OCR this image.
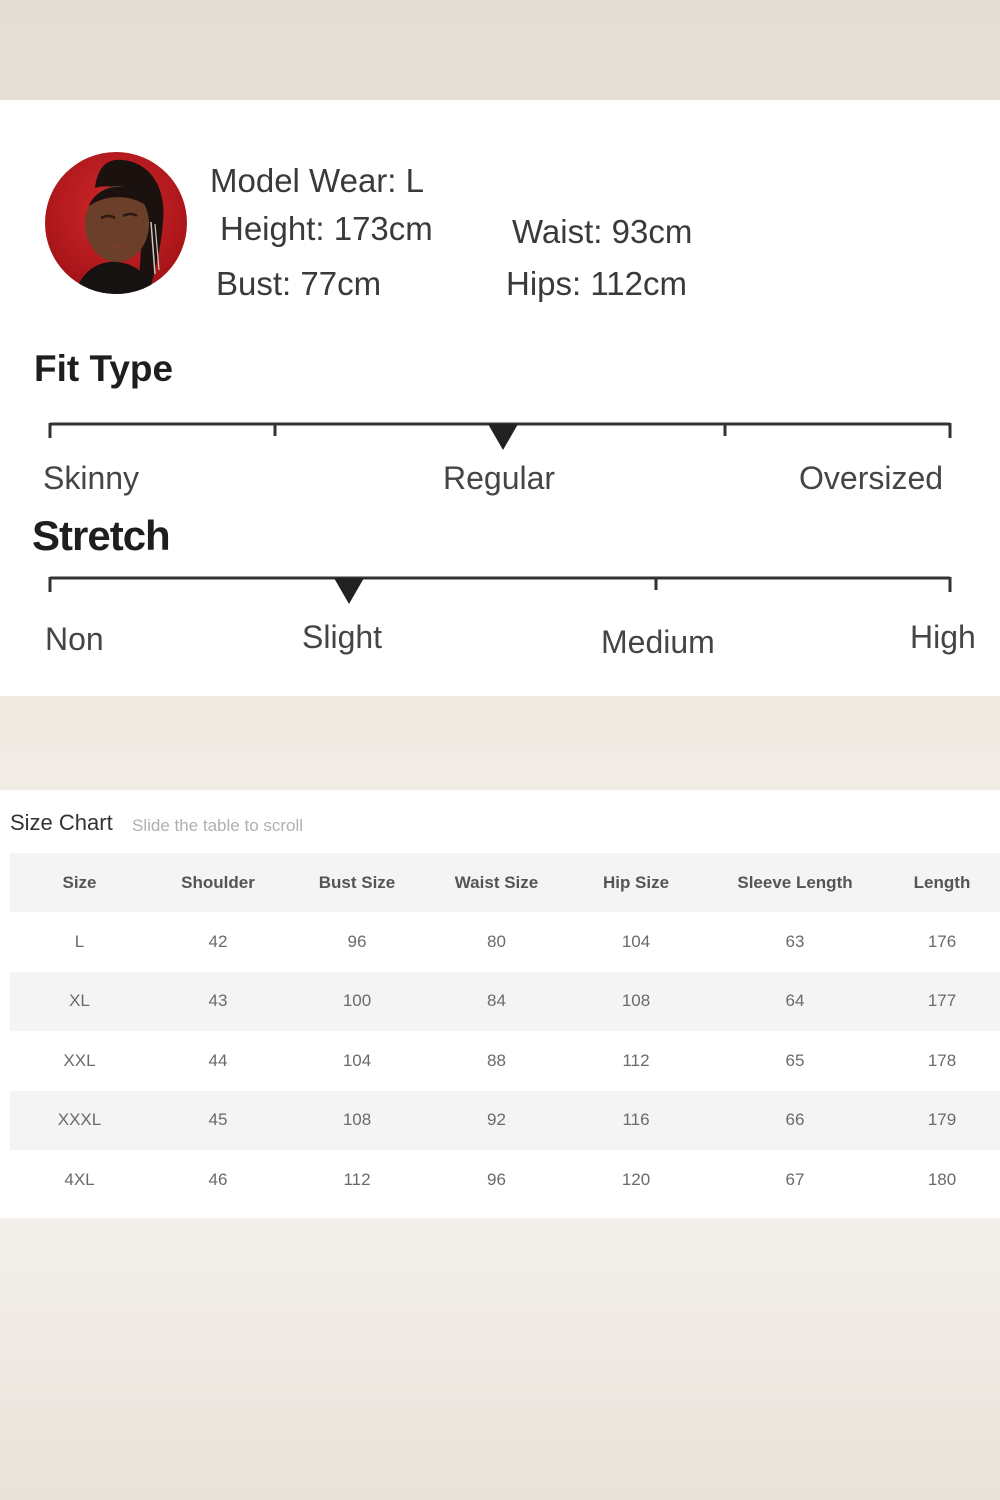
Model Wear: L
Height: 173cm Waist: 93cm
Bust: 77cm	Hips: 112cm
Fit Type
Skinny	Regular	Oversized
Stretch
Non	Slight	Medium	High
Size Chart Slide the table to scroll
Size	Shoulder	Bust Size	Waist Size	Hip Size	Sleeve Length	Length
L	42	96	80	104	63	176
XL	43	100	84	108	64	177
XXL	44	104	88	112	65	178
XXXL	45	108	92	116	66	179
4XL	46	112	96	120	67	180
